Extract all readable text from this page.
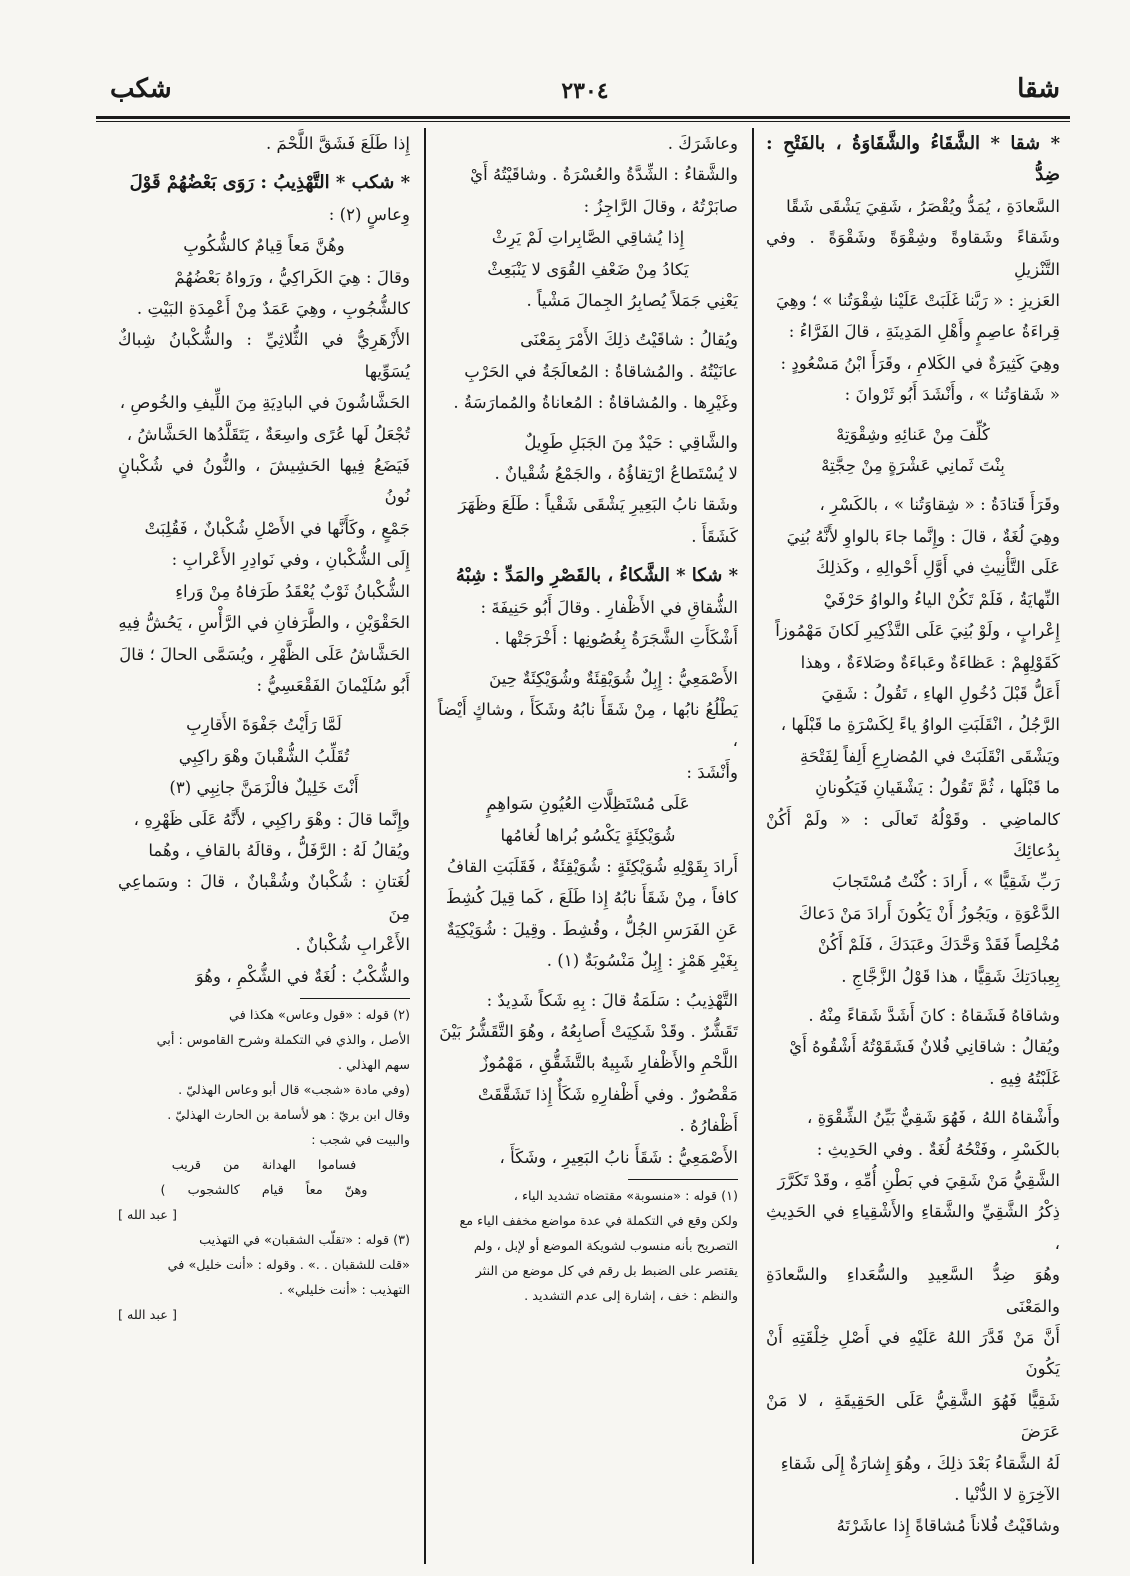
شقا
٢٣٠٤
شكب

* شقا * الشَّقَاءُ والشَّقَاوَةُ ، بالفَتْحِ : ضِدُّ

السَّعادَةِ ، يُمَدُّ ويُقْصَرُ ، شَقِيَ يَشْقَى شَقًا

وشَقاءً وشَقاوةً وشِقْوَةً وشَقْوَةً . وفي التَّنْزيلِ

العَزيزِ : « رَبَّنا غَلَبَتْ عَلَيْنا شِقْوَتُنا » ؛ وهِيَ

قِراءَةُ عاصِمٍ وأَهْلِ المَدِينَةِ ، قالَ الفَرَّاءُ :

وهِيَ كَثِيرَةٌ في الكَلامِ ، وقَرَأَ ابْنُ مَسْعُودٍ :

« شَقاوَتُنا » ، وأَنْشَدَ أَبُو ثَرْوانَ :

كُلِّفَ مِنْ عَنائِهِ وشِقْوَتِهْ

بِنْتَ ثَمانِي عَشْرَةٍ مِنْ حِجَّتِهْ

وقَرَأَ قَتادَةُ : « شِقاوَتُنا » ، بالكَسْرِ ،

وهِيَ لُغَةٌ ، قالَ : وإِنَّما جاءَ بالواوِ لأَنَّهُ بُنِيَ

عَلَى التَّأْنِيثِ في أَوَّلِ أَحْوالِهِ ، وكَذلِكَ

النِّهايَةُ ، فَلَمْ تَكُنْ الياءُ والواوُ حَرْفَيْ

إِعْرابٍ ، ولَوْ بُنِيَ عَلَى التَّذْكِيرِ لَكانَ مَهْمُوزاً

كَقَوْلِهِمْ : عَظاءَةٌ وعَباءَةٌ وصَلاءَةٌ ، وهذا

أَعَلُّ قَبْلَ دُخُولِ الهاءِ ، تَقُولُ : شَقِيَ

الرَّجُلُ ، انْقَلَبَتِ الواوُ ياءً لِكَسْرَةِ ما قَبْلَها ،

ويَشْقَى انْقَلَبَتْ في المُضارِعِ أَلِفاً لِفَتْحَةِ

ما قَبْلَها ، ثُمَّ تَقُولُ : يَشْقَيانِ فَيَكُونانِ

كالماضِي . وقَوْلُهُ تَعالَى : « ولَمْ أَكُنْ بِدُعائِكَ

رَبِّ شَقِيًّا » ، أَرادَ : كُنْتُ مُسْتَجابَ

الدَّعْوَةِ ، ويَجُوزُ أَنْ يَكُونَ أَرادَ مَنْ دَعاكَ

مُخْلِصاً فَقَدْ وَحَّدَكَ وعَبَدَكَ ، فَلَمْ أَكُنْ

بِعِبادَتِكَ شَقِيًّا ، هذا قَوْلُ الزَّجَّاجِ .

وشاقاهُ فَشَقاهُ : كانَ أَشَدَّ شَقاءً مِنْهُ .

ويُقالُ : شاقانِي فُلانٌ فَشَقَوْتُهُ أَشْقُوهُ أَيْ

غَلَبْتُهُ فِيهِ .

وأَشْقاهُ اللهُ ، فَهُوَ شَقِيٌّ بَيِّنُ الشِّقْوَةِ ،

بالكَسْرِ ، وفَتْحُهُ لُغَةٌ . وفي الحَدِيثِ :

الشَّقِيُّ مَنْ شَقِيَ في بَطْنِ أُمِّهِ ، وقَدْ تَكَرَّرَ

ذِكْرُ الشَّقِيِّ والشَّقاءِ والأَشْقِياءِ في الحَدِيثِ ،

وهُوَ ضِدُّ السَّعِيدِ والسُّعَداءِ والسَّعادَةِ والمَعْنَى

أَنَّ مَنْ قَدَّرَ اللهُ عَلَيْهِ في أَصْلِ خِلْقَتِهِ أَنْ يَكُونَ

شَقِيًّا فَهُوَ الشَّقِيُّ عَلَى الحَقِيقَةِ ، لا مَنْ عَرَضَ

لَهُ الشَّقاءُ بَعْدَ ذلِكَ ، وهُوَ إِشارَةٌ إِلَى شَقاءِ

الآخِرَةِ لا الدُّنْيا .

وشاقَيْتُ فُلاناً مُشاقاةً إِذا عاشَرْتَهُ

وعاشَرَكَ .

والشَّقاءُ : الشِّدَّةُ والعُسْرَةُ . وشاقَيْتُهُ أَيْ

صابَرْتُهُ ، وقالَ الرَّاجِزُ :

إِذا يُشاقِي الصَّابِراتِ لَمْ يَرِثْ

يَكادُ مِنْ ضَعْفِ القُوَى لا يَنْبَعِثْ

يَعْنِي جَمَلاً يُصابِرُ الجِمالَ مَشْياً .

ويُقالُ : شاقَيْتُ ذلِكَ الأَمْرَ بِمَعْنَى

عانَيْتُهُ . والمُشاقاةُ : المُعالَجَةُ في الحَرْبِ

وغَيْرِها . والمُشاقاةُ : المُعاناةُ والمُمارَسَةُ .

والشَّاقِي : حَيْدٌ مِنَ الجَبَلِ طَوِيلٌ

لا يُسْتَطاعُ ارْتِقاؤُهُ ، والجَمْعُ شُقْيانٌ .

وشَقا نابُ البَعِيرِ يَشْقَى شَقْياً : طَلَعَ وظَهَرَ

كَشَقَأَ .

* شكا * الشَّكاءُ ، بالقَصْرِ والمَدِّ : شِبْهُ

الشُّقاقِ في الأَظْفارِ . وقالَ أَبُو حَنِيفَةَ :

أَشْكَأَتِ الشَّجَرَةُ بِغُصُونِها : أَخْرَجَتْها .

الأَصْمَعِيُّ : إِبِلٌ شُوَيْقِئَةٌ وشُوَيْكِئَةٌ حِينَ

يَطْلُعُ نابُها ، مِنْ شَقَأَ نابُهُ وشَكَأَ ، وشاكٍ أَيْضاً ،

وأَنْشَدَ :

عَلَى مُسْتَظِلَّاتِ العُيُونِ سَواهِمٍ

شُوَيْكِئَةٍ يَكْسُو بُراها لُغامُها

أَرادَ بِقَوْلِهِ شُوَيْكِئَةٍ : شُوَيْقِئَةٌ ، فَقَلَبَتِ القافُ

كافاً ، مِنْ شَقَأَ نابُهُ إِذا طَلَعَ ، كَما قِيلَ كُشِطَ

عَنِ الفَرَسِ الجُلُّ ، وقُشِطَ . وقِيلَ : شُوَيْكِيَةٌ

بِغَيْرِ هَمْزٍ : إِبِلٌ مَنْسُوبَةٌ (١) .

التَّهْذِيبُ : سَلَمَةُ قالَ : بِهِ شَكاً شَدِيدٌ :

تَقَشُّرٌ . وقَدْ شَكِيَتْ أَصابِعُهُ ، وهُوَ التَّقَشُّرُ بَيْنَ

اللَّحْمِ والأَظْفارِ شَبِيهٌ بالتَّشَقُّقِ ، مَهْمُوزٌ

مَقْصُورٌ . وفي أَظْفارِهِ شَكَأٌ إِذا تَشَقَّقَتْ

أَظْفارُهُ .

الأَصْمَعِيُّ : شَقَأَ نابُ البَعِيرِ ، وشَكَأَ ،

(١) قوله : «منسوبة» مقتضاه تشديد الياء ،

ولكن وقع في التكملة في عدة مواضع مخفف الياء مع

التصريح بأنه منسوب لشويكة الموضع أو لإبل ، ولم

يقتصر على الضبط بل رقم في كل موضع من النثر

والنظم : خف ، إشارة إلى عدم التشديد .

إِذا طَلَعَ فَشَقَّ اللَّحْمَ .

* شكب * التَّهْذِيبُ : رَوَى بَعْضُهُمْ قَوْلَ

وِعاسٍ (٢) :

وهُنَّ مَعاً قِيامٌ كالشُّكُوبِ

وقالَ : هِيَ الكَراكِيُّ ، ورَواهُ بَعْضُهُمْ

كالشُّجُوبِ ، وهِيَ عَمَدٌ مِنْ أَعْمِدَةِ البَيْتِ .

الأَزْهَرِيُّ في الثُّلاثِيِّ : والشُّكْبانُ شِباكٌ يُسَوِّيها

الحَشَّاشُونَ في البادِيَةِ مِنَ اللِّيفِ والخُوصِ ،

تُجْعَلُ لَها عُرًى واسِعَةٌ ، يَتَقَلَّدُها الحَشَّاشُ ،

فَيَضَعُ فِيها الحَشِيشَ ، والنُّونُ في شُكْبانٍ نُونُ

جَمْعٍ ، وكَأَنَّها في الأَصْلِ شُكْبانٌ ، فَقُلِبَتْ

إِلَى الشُّكْبانِ ، وفي نَوادِرِ الأَعْرابِ :

الشُّكْبانُ ثَوْبٌ يُعْقَدُ طَرَفاهُ مِنْ وَراءِ

الحَقْوَيْنِ ، والطَّرَفانِ في الرَّأْسِ ، يَحُشُّ فِيهِ

الحَشَّاشُ عَلَى الظَّهْرِ ، ويُسَمَّى الحالَ ؛ قالَ

أَبُو سُلَيْمانَ الفَقْعَسِيُّ :

لَمَّا رَأَيْتُ جَفْوَةَ الأَقارِبِ

تُقَلِّبُ الشُّقْبانَ وهْوَ راكِبِي

أَنْتَ خَلِيلٌ فالْزَمَنَّ جانِبِي (٣)

وإِنَّما قالَ : وهْوَ راكِبِي ، لأَنَّهُ عَلَى ظَهْرِهِ ،

ويُقالُ لَهُ : الرَّفَلُّ ، وقالَهُ بالقافِ ، وهُما

لُغَتانِ : شُكْبانٌ وشُقْبانٌ ، قالَ : وسَماعِي مِنَ

الأَعْرابِ شُكْبانٌ .

والشُّكْبُ : لُغَةٌ في الشُّكْمِ ، وهُوَ

(٢) قوله : «قول وعاس» هكذا في

الأصل ، والذي في التكملة وشرح القاموس : أبي

سهم الهذلي .

(وفي مادة «شجب» قال أبو وعاس الهذليّ .

وقال ابن بريّ : هو لأسامة بن الحارث الهذليّ .

والبيت في شجب :

فساموا الهدانة من قريب

وهنّ معاً قيام كالشجوب )

[ عبد الله ]

(٣) قوله : «تقلّب الشقبان» في التهذيب

«قلت للشقبان . .» . وقوله : «أنت خليل» في

التهذيب : «أنت خليلي» .

[ عبد الله ]
